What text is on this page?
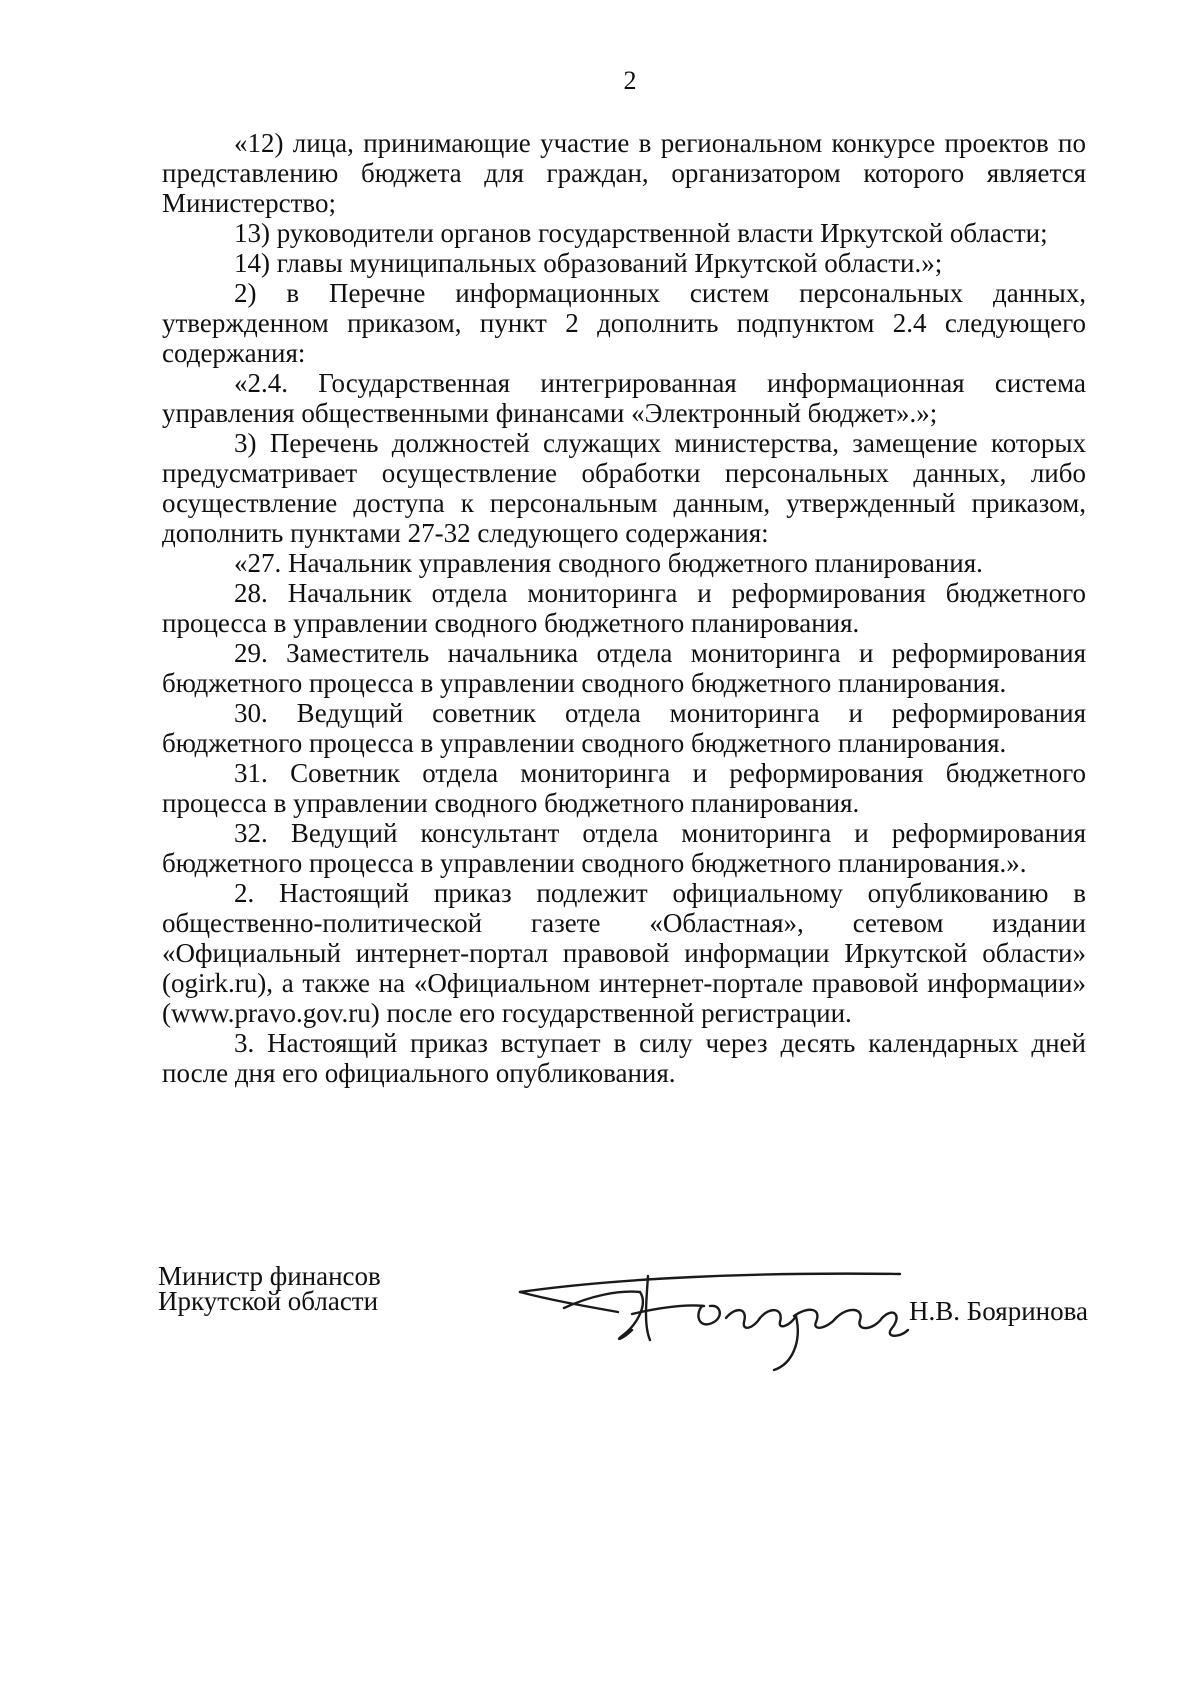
2

«12) лица, принимающие участие в региональном конкурсе проектов по представлению бюджета для граждан, организатором которого является Министерство;

13) руководители органов государственной власти Иркутской области;

14) главы муниципальных образований Иркутской области.»;

2) в Перечне информационных систем персональных данных, утвержденном приказом, пункт 2 дополнить подпунктом 2.4 следующего содержания:

«2.4. Государственная интегрированная информационная система управления общественными финансами «Электронный бюджет».»;

3) Перечень должностей служащих министерства, замещение которых предусматривает осуществление обработки персональных данных, либо осуществление доступа к персональным данным, утвержденный приказом, дополнить пунктами 27-32 следующего содержания:

«27. Начальник управления сводного бюджетного планирования.

28. Начальник отдела мониторинга и реформирования бюджетного процесса в управлении сводного бюджетного планирования.

29. Заместитель начальника отдела мониторинга и реформирования бюджетного процесса в управлении сводного бюджетного планирования.

30. Ведущий советник отдела мониторинга и реформирования бюджетного процесса в управлении сводного бюджетного планирования.

31. Советник отдела мониторинга и реформирования бюджетного процесса в управлении сводного бюджетного планирования.

32. Ведущий консультант отдела мониторинга и реформирования бюджетного процесса в управлении сводного бюджетного планирования.».

2. Настоящий приказ подлежит официальному опубликованию в общественно-политической газете «Областная», сетевом издании «Официальный интернет-портал правовой информации Иркутской области» (ogirk.ru), а также на «Официальном интернет-портале правовой информации» (www.pravo.gov.ru) после его государственной регистрации.

3. Настоящий приказ вступает в силу через десять календарных дней после дня его официального опубликования.

Министр финансов
Иркутской области	Н.В. Бояринова
